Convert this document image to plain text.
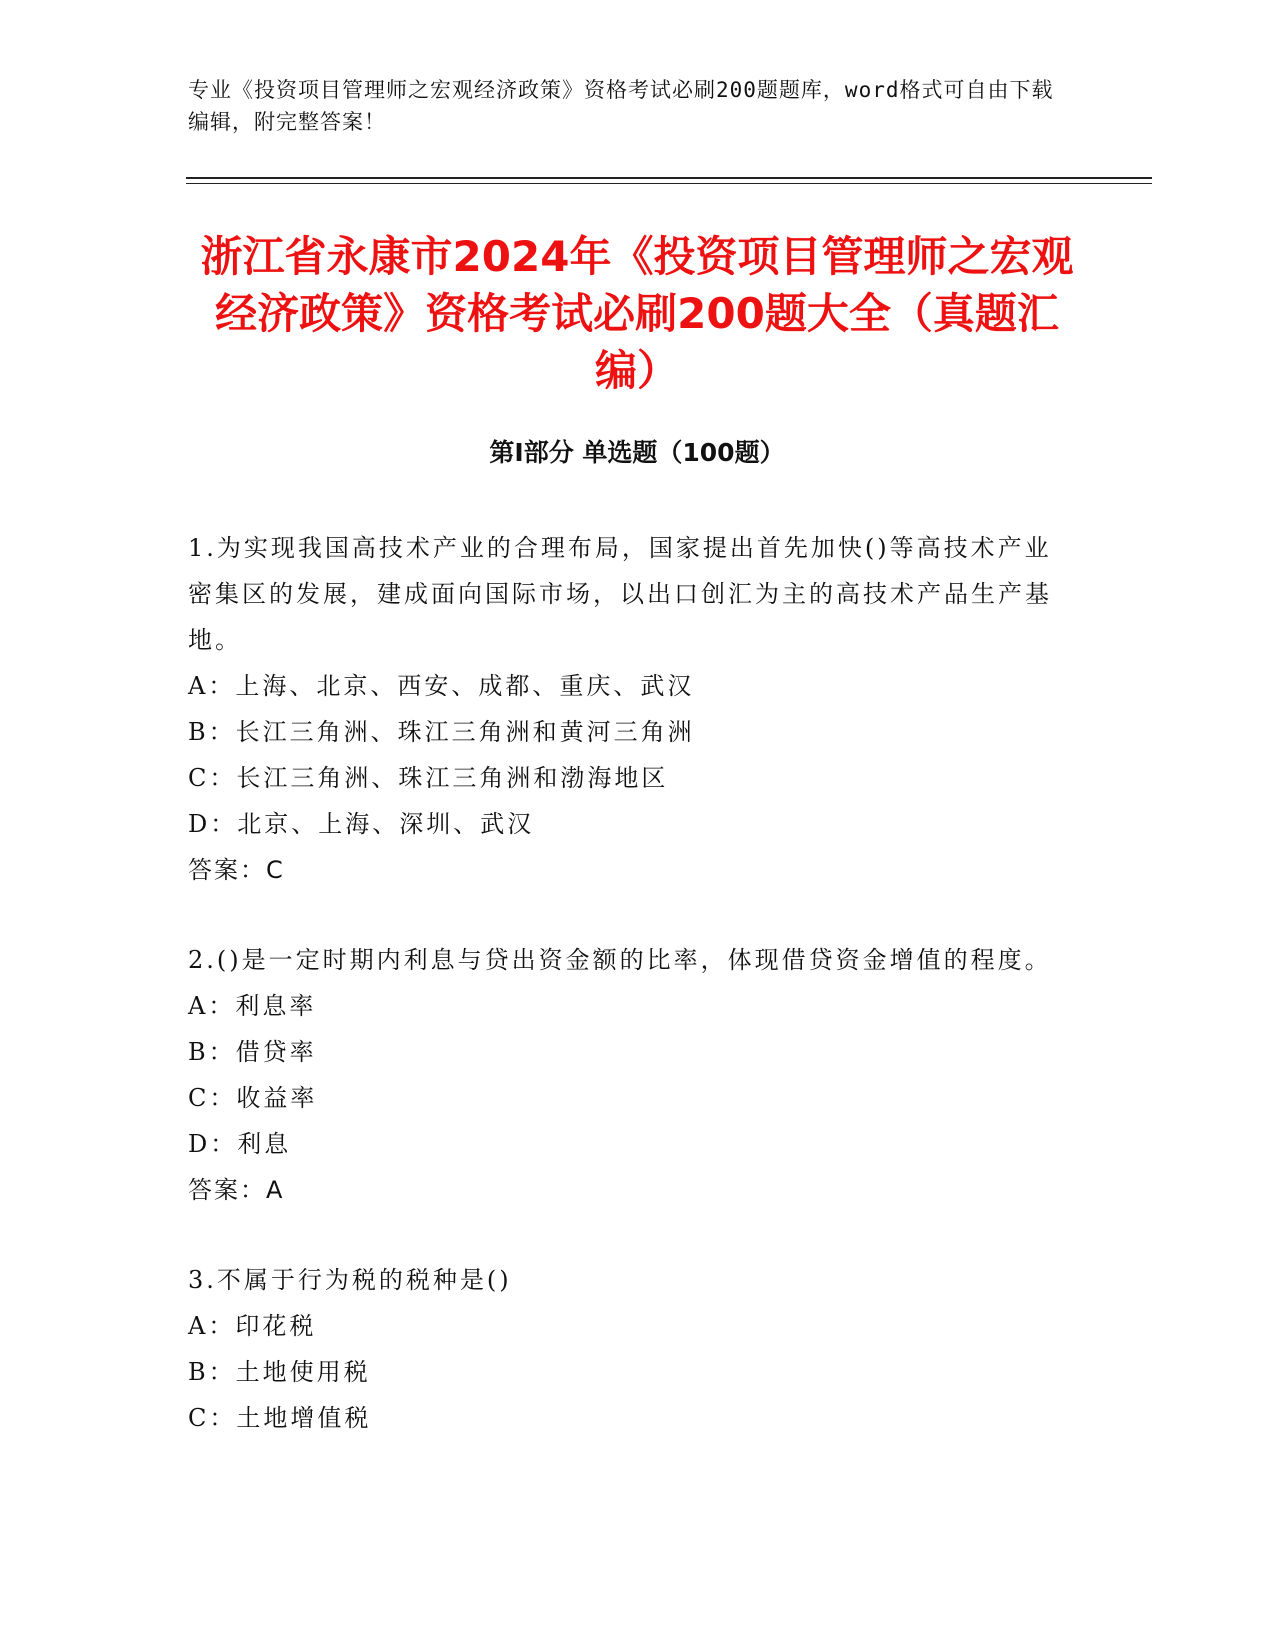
专业《投资项目管理师之宏观经济政策》资格考试必刷200题题库，word格式可自由下载编辑，附完整答案！
浙江省永康市2024年《投资项目管理师之宏观经济政策》资格考试必刷200题大全（真题汇编）
第Ⅰ部分 单选题（100题）
1.为实现我国高技术产业的合理布局，国家提出首先加快()等高技术产业密集区的发展，建成面向国际市场，以出口创汇为主的高技术产品生产基地。
A：上海、北京、西安、成都、重庆、武汉
B：长江三角洲、珠江三角洲和黄河三角洲
C：长江三角洲、珠江三角洲和渤海地区
D：北京、上海、深圳、武汉
答案：C
2.()是一定时期内利息与贷出资金额的比率，体现借贷资金增值的程度。
A：利息率
B：借贷率
C：收益率
D：利息
答案：A
3.不属于行为税的税种是()
A：印花税
B：土地使用税
C：土地增值税
